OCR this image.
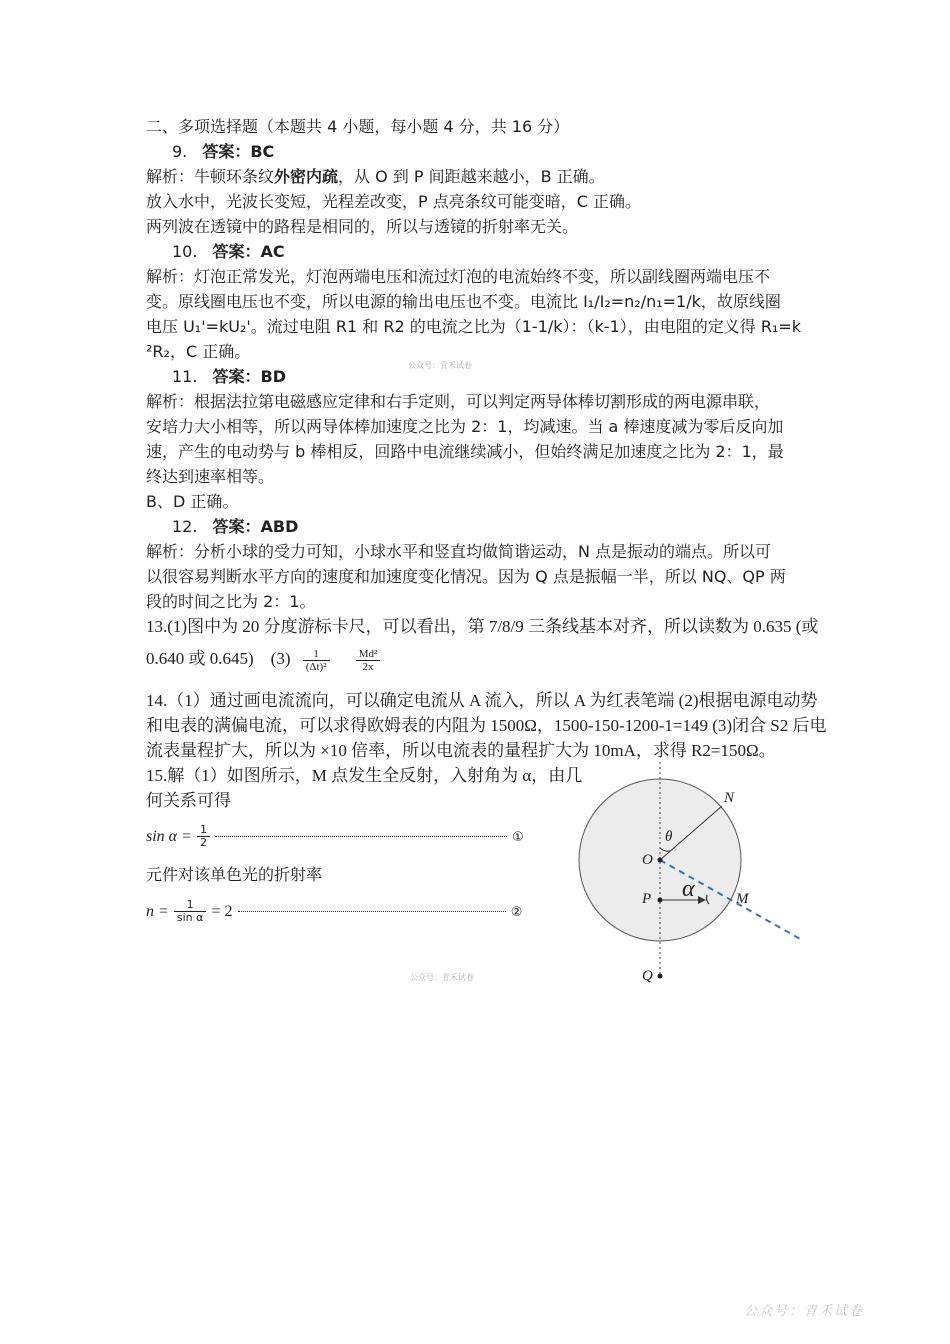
二、多项选择题（本题共 4 小题，每小题 4 分，共 16 分）
9. 答案：BC
解析：牛顿环条纹外密内疏，从 O 到 P 间距越来越小，B 正确。
放入水中，光波长变短，光程差改变，P 点亮条纹可能变暗，C 正确。
两列波在透镜中的路程是相同的，所以与透镜的折射率无关。
10. 答案：AC
解析：灯泡正常发光，灯泡两端电压和流过灯泡的电流始终不变，所以副线圈两端电压不
变。原线圈电压也不变，所以电源的输出电压也不变。电流比 I₁/I₂=n₂/n₁=1/k，故原线圈
电压 U₁'=kU₂'。流过电阻 R1 和 R2 的电流之比为（1-1/k）：（k-1），由电阻的定义得 R₁=k
²R₂，C 正确。
公众号：青禾试卷
11. 答案：BD
解析：根据法拉第电磁感应定律和右手定则，可以判定两导体棒切割形成的两电源串联，
安培力大小相等，所以两导体棒加速度之比为 2：1，均减速。当 a 棒速度减为零后反向加
速，产生的电动势与 b 棒相反，回路中电流继续减小，但始终满足加速度之比为 2：1，最
终达到速率相等。
B、D 正确。
12. 答案：ABD
解析：分析小球的受力可知，小球水平和竖直均做简谐运动，N 点是振动的端点。所以可
以很容易判断水平方向的速度和加速度变化情况。因为 Q 点是振幅一半，所以 NQ、QP 两
段的时间之比为 2：1。
13.(1)图中为 20 分度游标卡尺，可以看出，第 7/8/9 三条线基本对齐，所以读数为 0.635 (或
0.640 或 0.645)　$(3) \frac{1}{\text{(Δt)²}}$
$\frac{\text{Md²}}{2x}$
14.（1）通过画电流流向，可以确定电流从 A 流入，所以 A 为红表笔端 (2)根据电源电动势
和电表的满偏电流，可以求得欧姆表的内阻为 1500Ω，1500-150-1200-1=149 (3)闭合 S2 后电
流表量程扩大，所以为 ×10 倍率，所以电流表的量程扩大为 10mA，求得 R2=150Ω。
15.解（1）如图所示，M 点发生全反射，入射角为 α，由几
何关系可得
$\sin \alpha = \frac{1}{2}$	①
元件对该单色光的折射率
$n = \frac{1}{\text{sin α}} = 2$	②
N
θ
O
α
P	M
Q
公众号：青禾试卷
公众号：青禾试卷
